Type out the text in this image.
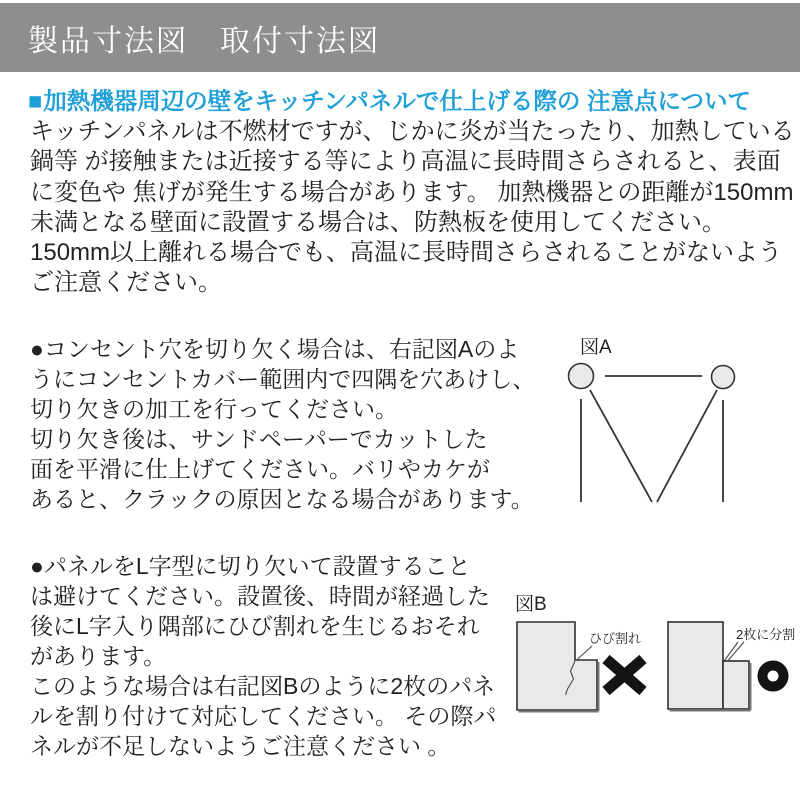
製品寸法図　取付寸法図
■ 加熱機器周辺の壁をキッチンパネルで仕上げる際の 注意点について
キッチンパネルは不燃材ですが、じかに炎が当たったり、加熱している
鍋等 が接触または近接する等により高温に長時間さらされると、表面
に変色や 焦げが発生する場合があります。 加熱機器との距離が150mm
未満となる壁面に設置する場合は、防熱板を使用してください。
150mm以上離れる場合でも、高温に長時間さらされることがないよう
ご注意ください。
●コンセント穴を切り欠く場合は、右記図Aのよ
うにコンセントカバー範囲内で四隅を穴あけし、
切り欠きの加工を行ってください。
切り欠き後は、サンドペーパーでカットした
面を平滑に仕上げてください。バリやカケが
あると、クラックの原因となる場合があります。
図A
●パネルをL字型に切り欠いて設置すること
は避けてください。設置後、時間が経過した
後にL字入り隅部にひび割れを生じるおそれ
があります。
このような場合は右記図Bのように2枚のパネ
ルを割り付けて対応してください。 その際パ
ネルが不足しないようご注意ください 。
図B
ひび割れ	2枚に分割
